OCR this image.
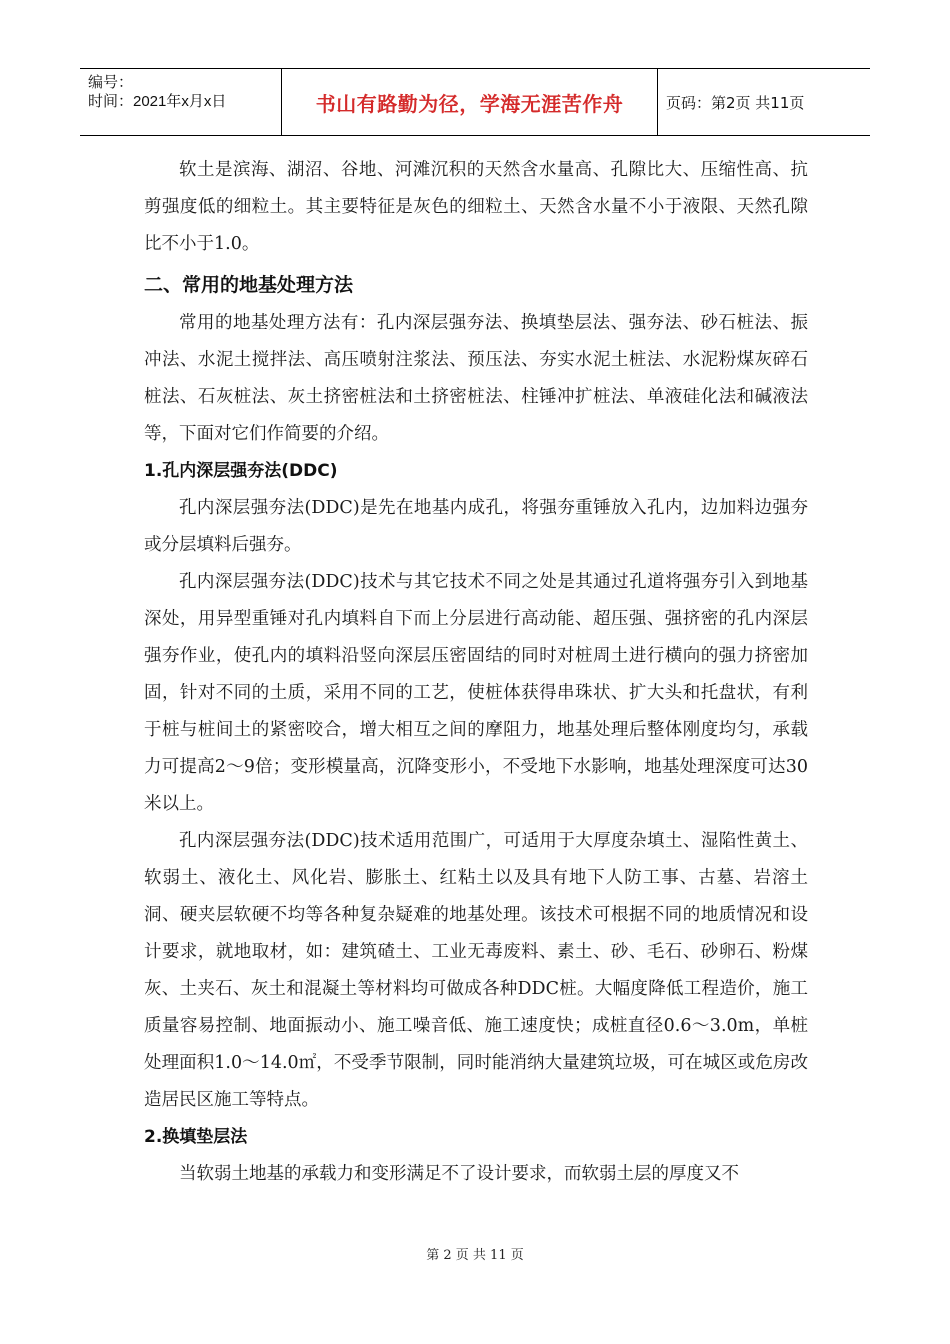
编号：
时间：2021年x月x日	书山有路勤为径，学海无涯苦作舟	页码：第2页 共11页

软土是滨海、湖沼、谷地、河滩沉积的天然含水量高、孔隙比大、压缩性高、抗剪强度低的细粒土。其主要特征是灰色的细粒土、天然含水量不小于液限、天然孔隙比不小于1.0。

二、常用的地基处理方法

常用的地基处理方法有：孔内深层强夯法、换填垫层法、强夯法、砂石桩法、振冲法、水泥土搅拌法、高压喷射注浆法、预压法、夯实水泥土桩法、水泥粉煤灰碎石桩法、石灰桩法、灰土挤密桩法和土挤密桩法、柱锤冲扩桩法、单液硅化法和碱液法等，下面对它们作简要的介绍。

1.孔内深层强夯法(DDC)

孔内深层强夯法(DDC)是先在地基内成孔，将强夯重锤放入孔内，边加料边强夯或分层填料后强夯。

孔内深层强夯法(DDC)技术与其它技术不同之处是其通过孔道将强夯引入到地基深处，用异型重锤对孔内填料自下而上分层进行高动能、超压强、强挤密的孔内深层强夯作业，使孔内的填料沿竖向深层压密固结的同时对桩周土进行横向的强力挤密加固，针对不同的土质，采用不同的工艺，使桩体获得串珠状、扩大头和托盘状，有利于桩与桩间土的紧密咬合，增大相互之间的摩阻力，地基处理后整体刚度均匀，承载力可提高2～9倍；变形模量高，沉降变形小，不受地下水影响，地基处理深度可达30米以上。

孔内深层强夯法(DDC)技术适用范围广，可适用于大厚度杂填土、湿陷性黄土、软弱土、液化土、风化岩、膨胀土、红粘土以及具有地下人防工事、古墓、岩溶土洞、硬夹层软硬不均等各种复杂疑难的地基处理。该技术可根据不同的地质情况和设计要求，就地取材，如：建筑碴土、工业无毒废料、素土、砂、毛石、砂卵石、粉煤灰、土夹石、灰土和混凝土等材料均可做成各种DDC桩。大幅度降低工程造价，施工质量容易控制、地面振动小、施工噪音低、施工速度快；成桩直径0.6～3.0m，单桩处理面积1.0～14.0㎡，不受季节限制，同时能消纳大量建筑垃圾，可在城区或危房改造居民区施工等特点。

2.换填垫层法

当软弱土地基的承载力和变形满足不了设计要求，而软弱土层的厚度又不

第 2 页 共 11 页
